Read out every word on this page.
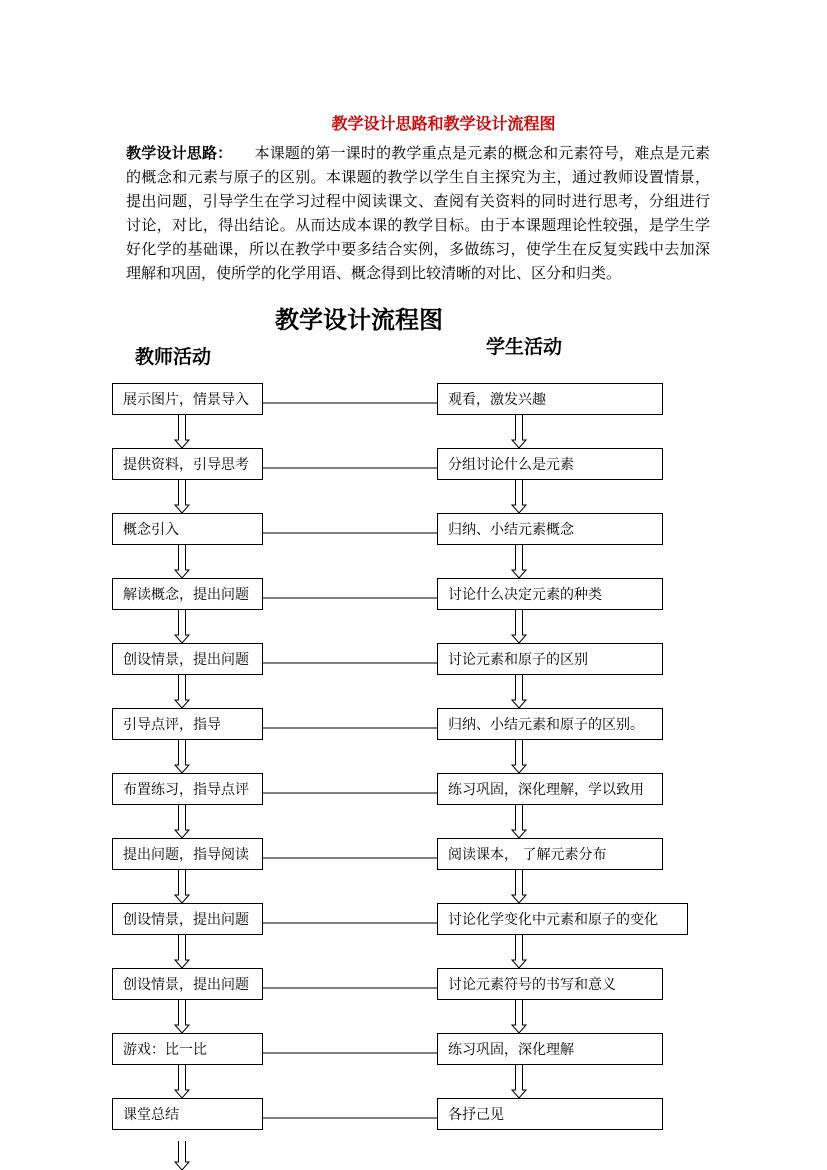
教学设计思路和教学设计流程图
教学设计思路： 本课题的第一课时的教学重点是元素的概念和元素符号，难点是元素的概念和元素与原子的区别。本课题的教学以学生自主探究为主，通过教师设置情景，提出问题，引导学生在学习过程中阅读课文、查阅有关资料的同时进行思考，分组进行讨论，对比，得出结论。从而达成本课的教学目标。由于本课题理论性较强，是学生学好化学的基础课，所以在教学中要多结合实例，多做练习，使学生在反复实践中去加深理解和巩固，使所学的化学用语、概念得到比较清晰的对比、区分和归类。
教学设计流程图
教师活动	学生活动
展示图片，情景导入	观看，激发兴趣
提供资料，引导思考	分组讨论什么是元素
概念引入	归纳、小结元素概念
解读概念，提出问题	讨论什么决定元素的种类
创设情景，提出问题	讨论元素和原子的区别
引导点评，指导	归纳、小结元素和原子的区别。
布置练习，指导点评	练习巩固，深化理解，学以致用
提出问题，指导阅读	阅读课本， 了解元素分布
创设情景，提出问题	讨论化学变化中元素和原子的变化
创设情景，提出问题	讨论元素符号的书写和意义
游戏：比一比	练习巩固，深化理解
课堂总结	各抒己见
